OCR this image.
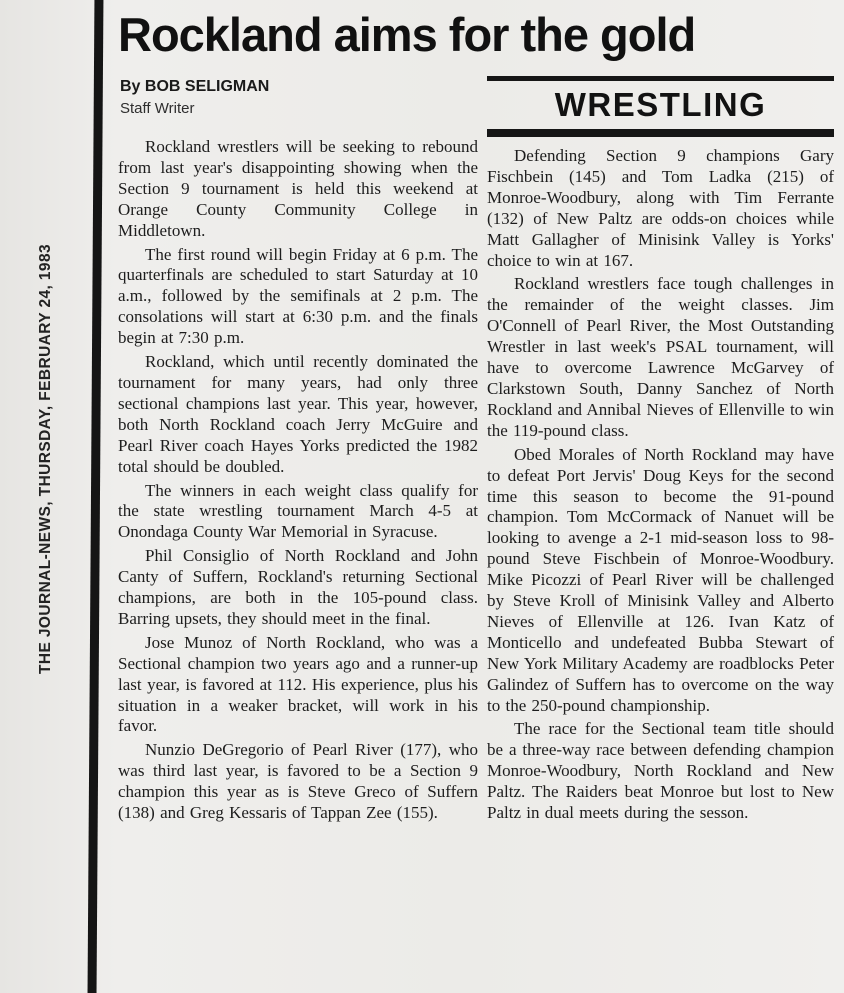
THE JOURNAL-NEWS, THURSDAY, FEBRUARY 24, 1983
Rockland aims for the gold
By BOB SELIGMAN
Staff Writer

Rockland wrestlers will be seeking to rebound from last year's disappointing showing when the Section 9 tournament is held this weekend at Orange County Community College in Middletown.

The first round will begin Friday at 6 p.m. The quarterfinals are scheduled to start Saturday at 10 a.m., followed by the semifinals at 2 p.m. The consolations will start at 6:30 p.m. and the finals begin at 7:30 p.m.

Rockland, which until recently dominated the tournament for many years, had only three sectional champions last year. This year, however, both North Rockland coach Jerry McGuire and Pearl River coach Hayes Yorks predicted the 1982 total should be doubled.

The winners in each weight class qualify for the state wrestling tournament March 4-5 at Onondaga County War Memorial in Syracuse.

Phil Consiglio of North Rockland and John Canty of Suffern, Rockland's returning Sectional champions, are both in the 105-pound class. Barring upsets, they should meet in the final.

Jose Munoz of North Rockland, who was a Sectional champion two years ago and a runner-up last year, is favored at 112. His experience, plus his situation in a weaker bracket, will work in his favor.

Nunzio DeGregorio of Pearl River (177), who was third last year, is favored to be a Section 9 champion this year as is Steve Greco of Suffern (138) and Greg Kessaris of Tappan Zee (155).

WRESTLING

Defending Section 9 champions Gary Fischbein (145) and Tom Ladka (215) of Monroe-Woodbury, along with Tim Ferrante (132) of New Paltz are odds-on choices while Matt Gallagher of Minisink Valley is Yorks' choice to win at 167.

Rockland wrestlers face tough challenges in the remainder of the weight classes. Jim O'Connell of Pearl River, the Most Outstanding Wrestler in last week's PSAL tournament, will have to overcome Lawrence McGarvey of Clarkstown South, Danny Sanchez of North Rockland and Annibal Nieves of Ellenville to win the 119-pound class.

Obed Morales of North Rockland may have to defeat Port Jervis' Doug Keys for the second time this season to become the 91-pound champion. Tom McCormack of Nanuet will be looking to avenge a 2-1 mid-season loss to 98-pound Steve Fischbein of Monroe-Woodbury. Mike Picozzi of Pearl River will be challenged by Steve Kroll of Minisink Valley and Alberto Nieves of Ellenville at 126. Ivan Katz of Monticello and undefeated Bubba Stewart of New York Military Academy are roadblocks Peter Galindez of Suffern has to overcome on the way to the 250-pound championship.

The race for the Sectional team title should be a three-way race between defending champion Monroe-Woodbury, North Rockland and New Paltz. The Raiders beat Monroe but lost to New Paltz in dual meets during the sesson.
